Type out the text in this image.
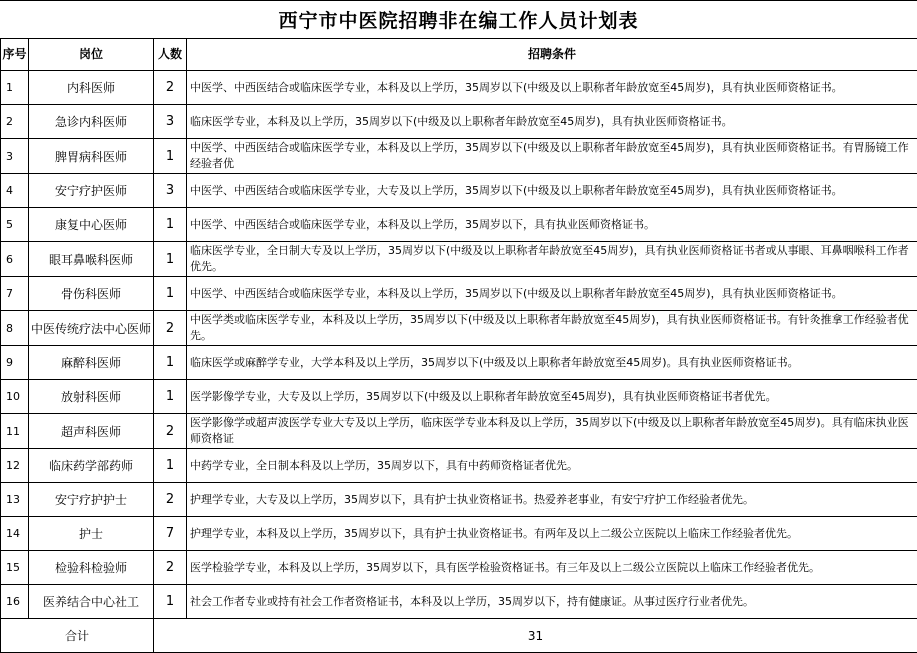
西宁市中医院招聘非在编工作人员计划表
序号	岗位	人数	招聘条件
1	内科医师	2	中医学、中西医结合或临床医学专业，本科及以上学历，35周岁以下(中级及以上职称者年龄放宽至45周岁)，具有执业医师资格证书。
2	急诊内科医师	3	临床医学专业，本科及以上学历，35周岁以下(中级及以上职称者年龄放宽至45周岁)，具有执业医师资格证书。
3	脾胃病科医师	1	中医学、中西医结合或临床医学专业，本科及以上学历，35周岁以下(中级及以上职称者年龄放宽至45周岁)，具有执业医师资格证书。有胃肠镜工作经验者优
4	安宁疗护医师	3	中医学、中西医结合或临床医学专业，大专及以上学历，35周岁以下(中级及以上职称者年龄放宽至45周岁)，具有执业医师资格证书。
5	康复中心医师	1	中医学、中西医结合或临床医学专业，本科及以上学历，35周岁以下，具有执业医师资格证书。
6	眼耳鼻喉科医师	1	临床医学专业，全日制大专及以上学历，35周岁以下(中级及以上职称者年龄放宽至45周岁)，具有执业医师资格证书者或从事眼、耳鼻咽喉科工作者优先。
7	骨伤科医师	1	中医学、中西医结合或临床医学专业，本科及以上学历，35周岁以下(中级及以上职称者年龄放宽至45周岁)，具有执业医师资格证书。
8	中医传统疗法中心医师	2	中医学类或临床医学专业，本科及以上学历，35周岁以下(中级及以上职称者年龄放宽至45周岁)，具有执业医师资格证书。有针灸推拿工作经验者优先。
9	麻醉科医师	1	临床医学或麻醉学专业，大学本科及以上学历，35周岁以下(中级及以上职称者年龄放宽至45周岁)。具有执业医师资格证书。
10	放射科医师	1	医学影像学专业，大专及以上学历，35周岁以下(中级及以上职称者年龄放宽至45周岁)，具有执业医师资格证书者优先。
11	超声科医师	2	医学影像学或超声波医学专业大专及以上学历，临床医学专业本科及以上学历，35周岁以下(中级及以上职称者年龄放宽至45周岁)。具有临床执业医师资格证
12	临床药学部药师	1	中药学专业，全日制本科及以上学历，35周岁以下，具有中药师资格证者优先。
13	安宁疗护护士	2	护理学专业，大专及以上学历，35周岁以下，具有护士执业资格证书。热爱养老事业，有安宁疗护工作经验者优先。
14	护士	7	护理学专业，本科及以上学历，35周岁以下，具有护士执业资格证书。有两年及以上二级公立医院以上临床工作经验者优先。
15	检验科检验师	2	医学检验学专业，本科及以上学历，35周岁以下，具有医学检验资格证书。有三年及以上二级公立医院以上临床工作经验者优先。
16	医养结合中心社工	1	社会工作者专业或持有社会工作者资格证书，本科及以上学历，35周岁以下，持有健康证。从事过医疗行业者优先。
合计		31	
